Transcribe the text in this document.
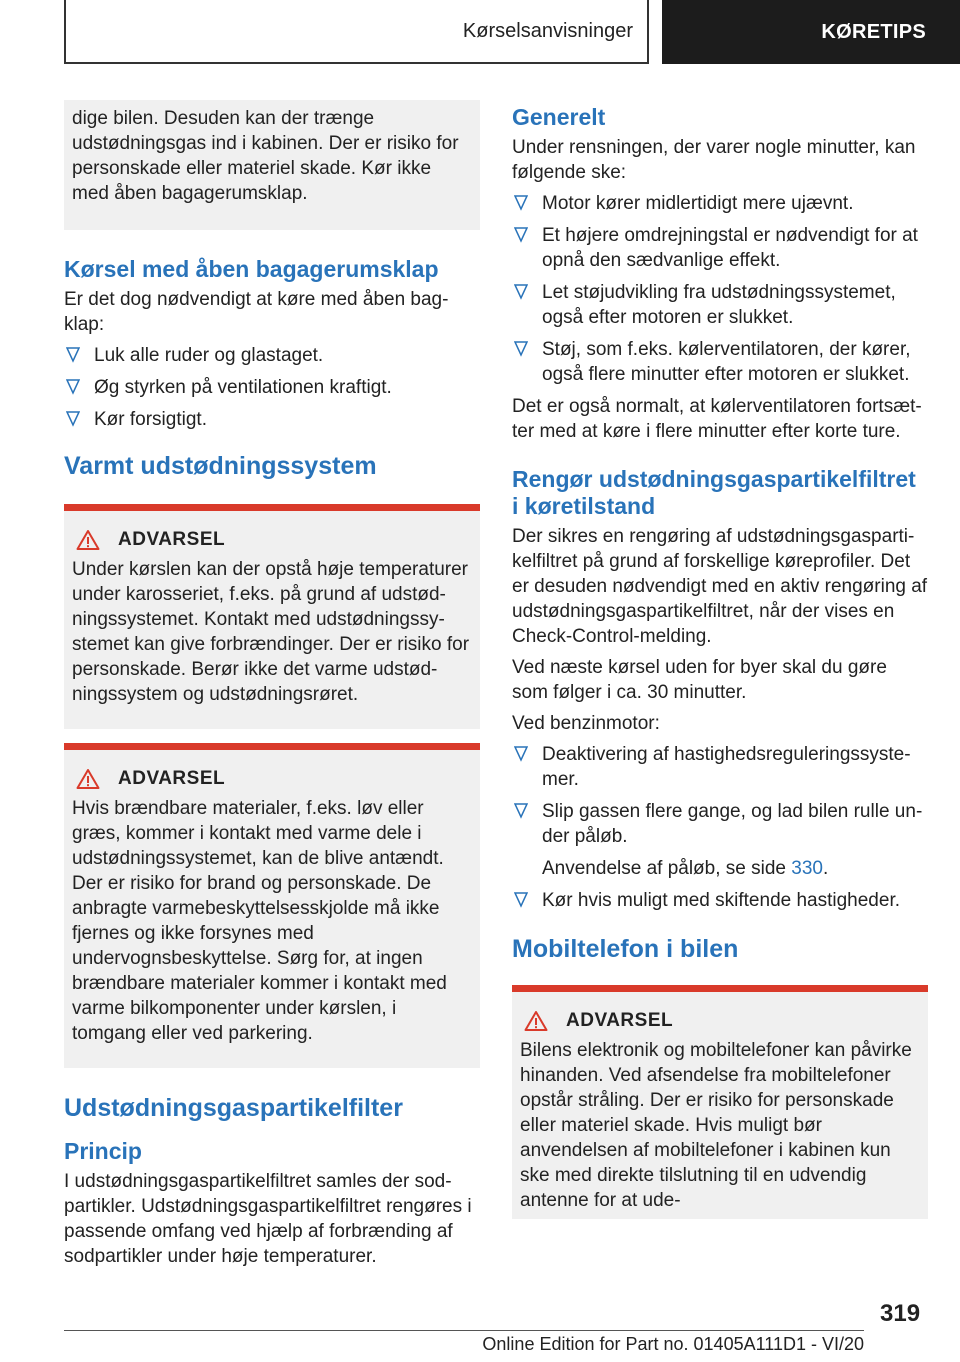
Kørselsanvisninger	KØRETIPS

dige bilen. Desuden kan der trænge udstødningsgas ind i kabinen. Der er risiko for personskade eller materiel skade. Kør ikke med åben bagagerumsklap.

Kørsel med åben bagagerumsklap

Er det dog nødvendigt at køre med åben bagklap:

Luk alle ruder og glastaget.
Øg styrken på ventilationen kraftigt.
Kør forsigtigt.
Varmt udstødningssystem
ADVARSEL

Under kørslen kan der opstå høje temperaturer under karosseriet, f.eks. på grund af udstødningssystemet. Kontakt med udstødningssystemet kan give forbrændinger. Der er risiko for personskade. Berør ikke det varme udstødningssystem og udstødningsrøret.

ADVARSEL

Hvis brændbare materialer, f.eks. løv eller græs, kommer i kontakt med varme dele i udstødningssystemet, kan de blive antændt. Der er risiko for brand og personskade. De anbragte varmebeskyttelsesskjolde må ikke fjernes og ikke forsynes med undervognsbeskyttelse. Sørg for, at ingen brændbare materialer kommer i kontakt med varme bilkomponenter under kørslen, i tomgang eller ved parkering.

Udstødningsgaspartikelfilter
Princip

I udstødningsgaspartikelfiltret samles der sodpartikler. Udstødningsgaspartikelfiltret rengøres i passende omfang ved hjælp af forbrænding af sodpartikler under høje temperaturer.

Generelt

Under rensningen, der varer nogle minutter, kan følgende ske:

Motor kører midlertidigt mere ujævnt.
Et højere omdrejningstal er nødvendigt for at opnå den sædvanlige effekt.
Let støjudvikling fra udstødningssystemet, også efter motoren er slukket.
Støj, som f.eks. kølerventilatoren, der kører, også flere minutter efter motoren er slukket.

Det er også normalt, at kølerventilatoren fortsætter med at køre i flere minutter efter korte ture.

Rengør udstødningsgaspartikelfiltret i køretilstand

Der sikres en rengøring af udstødningsgaspartikelfiltret på grund af forskellige køreprofiler. Det er desuden nødvendigt med en aktiv rengøring af udstødningsgaspartikelfiltret, når der vises en Check-Control-melding.

Ved næste kørsel uden for byer skal du gøre som følger i ca. 30 minutter.

Ved benzinmotor:

Deaktivering af hastighedsreguleringssystemer.
Slip gassen flere gange, og lad bilen rulle under påløb.
Anvendelse af påløb, se side 330.
Kør hvis muligt med skiftende hastigheder.
Mobiltelefon i bilen
ADVARSEL

Bilens elektronik og mobiltelefoner kan påvirke hinanden. Ved afsendelse fra mobiltelefoner opstår stråling. Der er risiko for personskade eller materiel skade. Hvis muligt bør anvendelsen af mobiltelefoner i kabinen kun ske med direkte tilslutning til en udvendig antenne for at ude-

319
Online Edition for Part no. 01405A111D1 - VI/20
